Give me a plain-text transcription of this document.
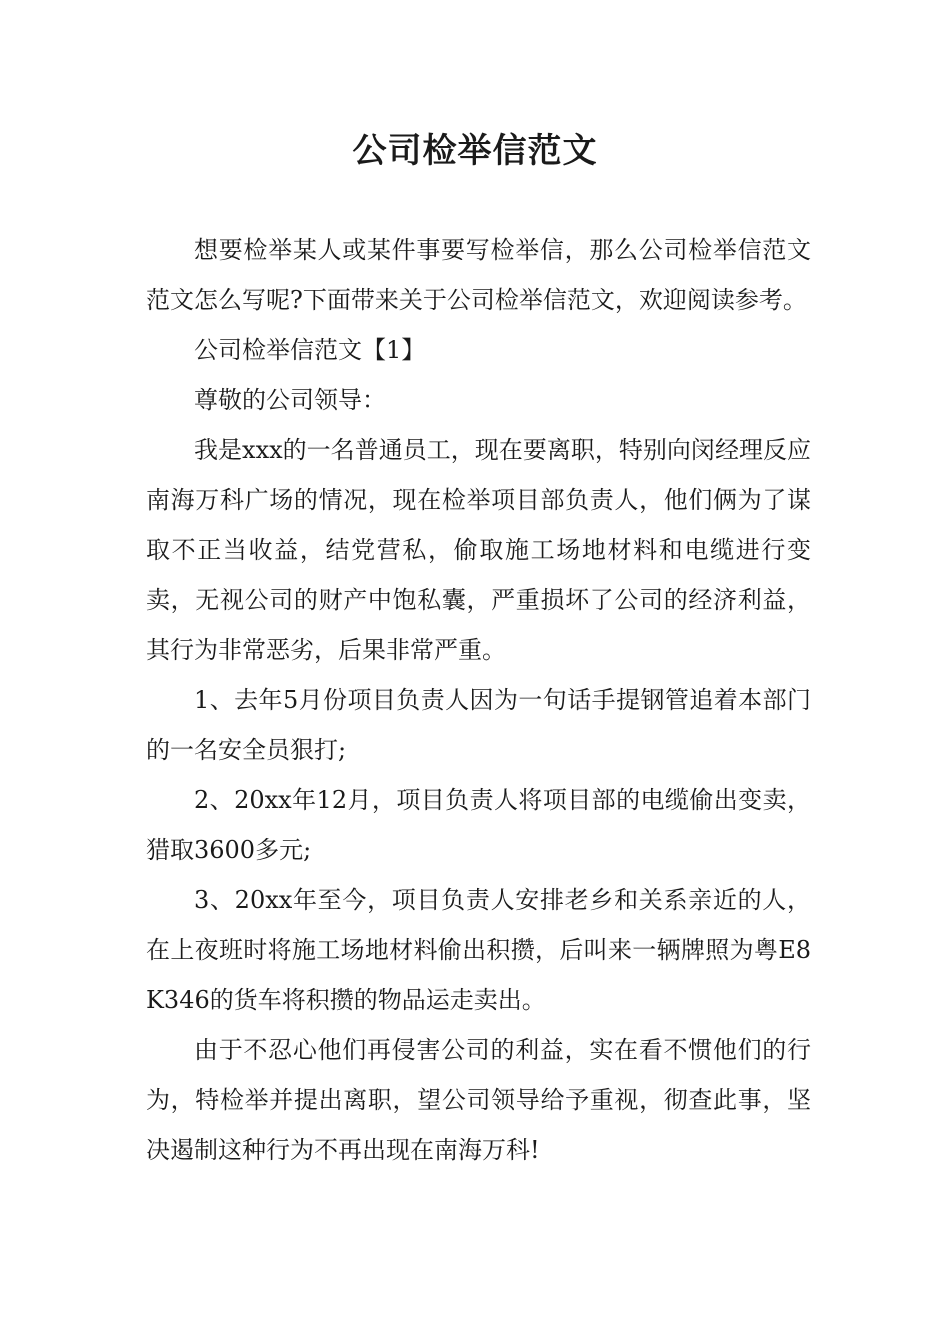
公司检举信范文

想要检举某人或某件事要写检举信，那么公司检举信范文范文怎么写呢?下面带来关于公司检举信范文，欢迎阅读参考。

公司检举信范文【1】

尊敬的公司领导：

我是xxx的一名普通员工，现在要离职，特别向闵经理反应南海万科广场的情况，现在检举项目部负责人，他们俩为了谋取不正当收益，结党营私，偷取施工场地材料和电缆进行变卖，无视公司的财产中饱私囊，严重损坏了公司的经济利益，其行为非常恶劣，后果非常严重。

1、去年5月份项目负责人因为一句话手提钢管追着本部门的一名安全员狠打;

2、20xx年12月，项目负责人将项目部的电缆偷出变卖，猎取3600多元;

3、20xx年至今，项目负责人安排老乡和关系亲近的人，在上夜班时将施工场地材料偷出积攒，后叫来一辆牌照为粤E8K346的货车将积攒的物品运走卖出。

由于不忍心他们再侵害公司的利益，实在看不惯他们的行为，特检举并提出离职，望公司领导给予重视，彻查此事，坚决遏制这种行为不再出现在南海万科!
